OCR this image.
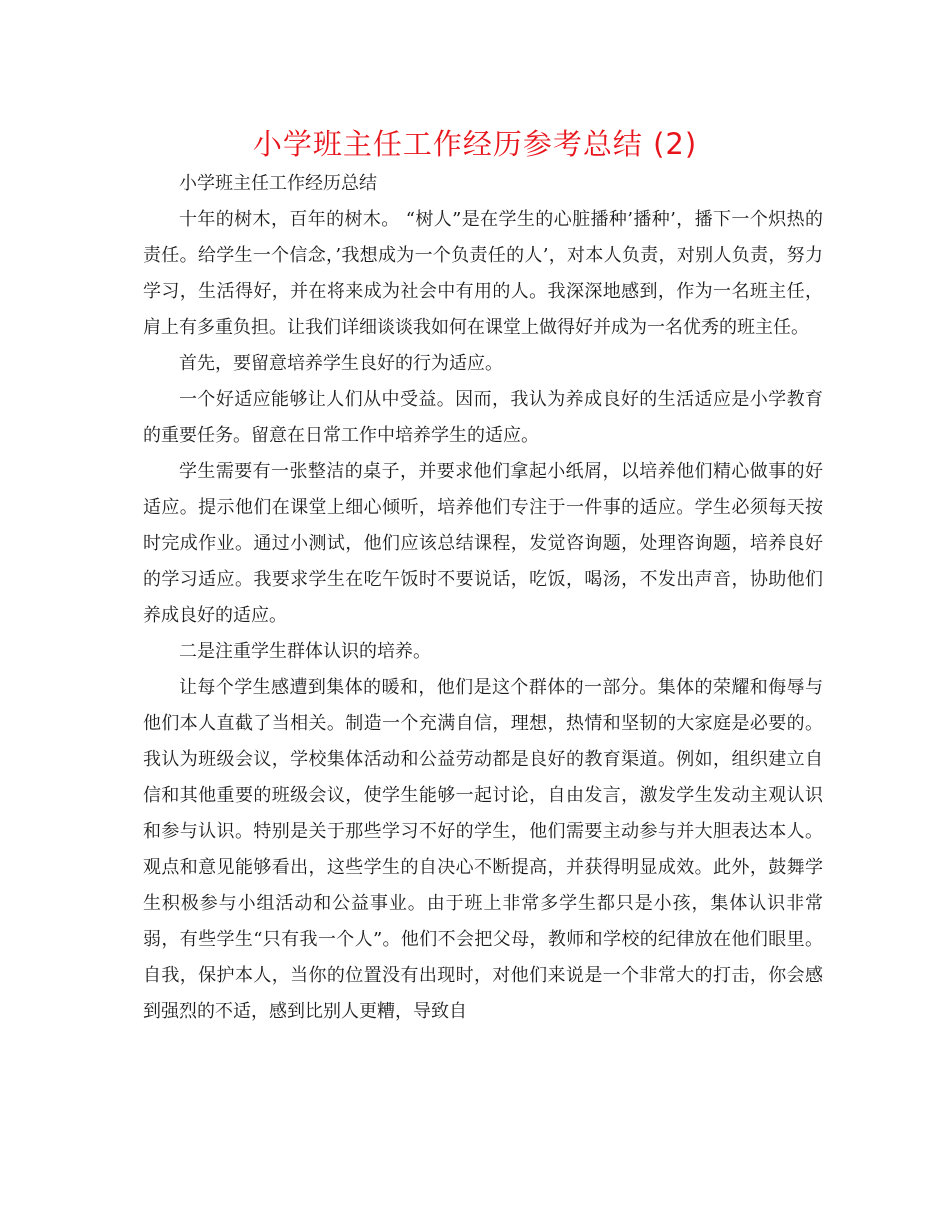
小学班主任工作经历参考总结 (2)

小学班主任工作经历总结

十年的树木，百年的树木。 “树人”是在学生的心脏播种’播种’，播下一个炽热的责任。给学生一个信念，’我想成为一个负责任的人’，对本人负责，对别人负责，努力学习，生活得好，并在将来成为社会中有用的人。我深深地感到，作为一名班主任，肩上有多重负担。让我们详细谈谈我如何在课堂上做得好并成为一名优秀的班主任。

首先，要留意培养学生良好的行为适应。

一个好适应能够让人们从中受益。因而，我认为养成良好的生活适应是小学教育的重要任务。留意在日常工作中培养学生的适应。

学生需要有一张整洁的桌子，并要求他们拿起小纸屑，以培养他们精心做事的好适应。提示他们在课堂上细心倾听，培养他们专注于一件事的适应。学生必须每天按时完成作业。通过小测试，他们应该总结课程，发觉咨询题，处理咨询题，培养良好的学习适应。我要求学生在吃午饭时不要说话，吃饭，喝汤，不发出声音，协助他们养成良好的适应。

二是注重学生群体认识的培养。

让每个学生感遭到集体的暖和，他们是这个群体的一部分。集体的荣耀和侮辱与他们本人直截了当相关。制造一个充满自信，理想，热情和坚韧的大家庭是必要的。我认为班级会议，学校集体活动和公益劳动都是良好的教育渠道。例如，组织建立自信和其他重要的班级会议，使学生能够一起讨论，自由发言，激发学生发动主观认识和参与认识。特别是关于那些学习不好的学生，他们需要主动参与并大胆表达本人。观点和意见能够看出，这些学生的自决心不断提高，并获得明显成效。此外，鼓舞学生积极参与小组活动和公益事业。由于班上非常多学生都只是小孩，集体认识非常弱，有些学生“只有我一个人”。他们不会把父母，教师和学校的纪律放在他们眼里。自我，保护本人，当你的位置没有出现时，对他们来说是一个非常大的打击，你会感到强烈的不适，感到比别人更糟，导致自
